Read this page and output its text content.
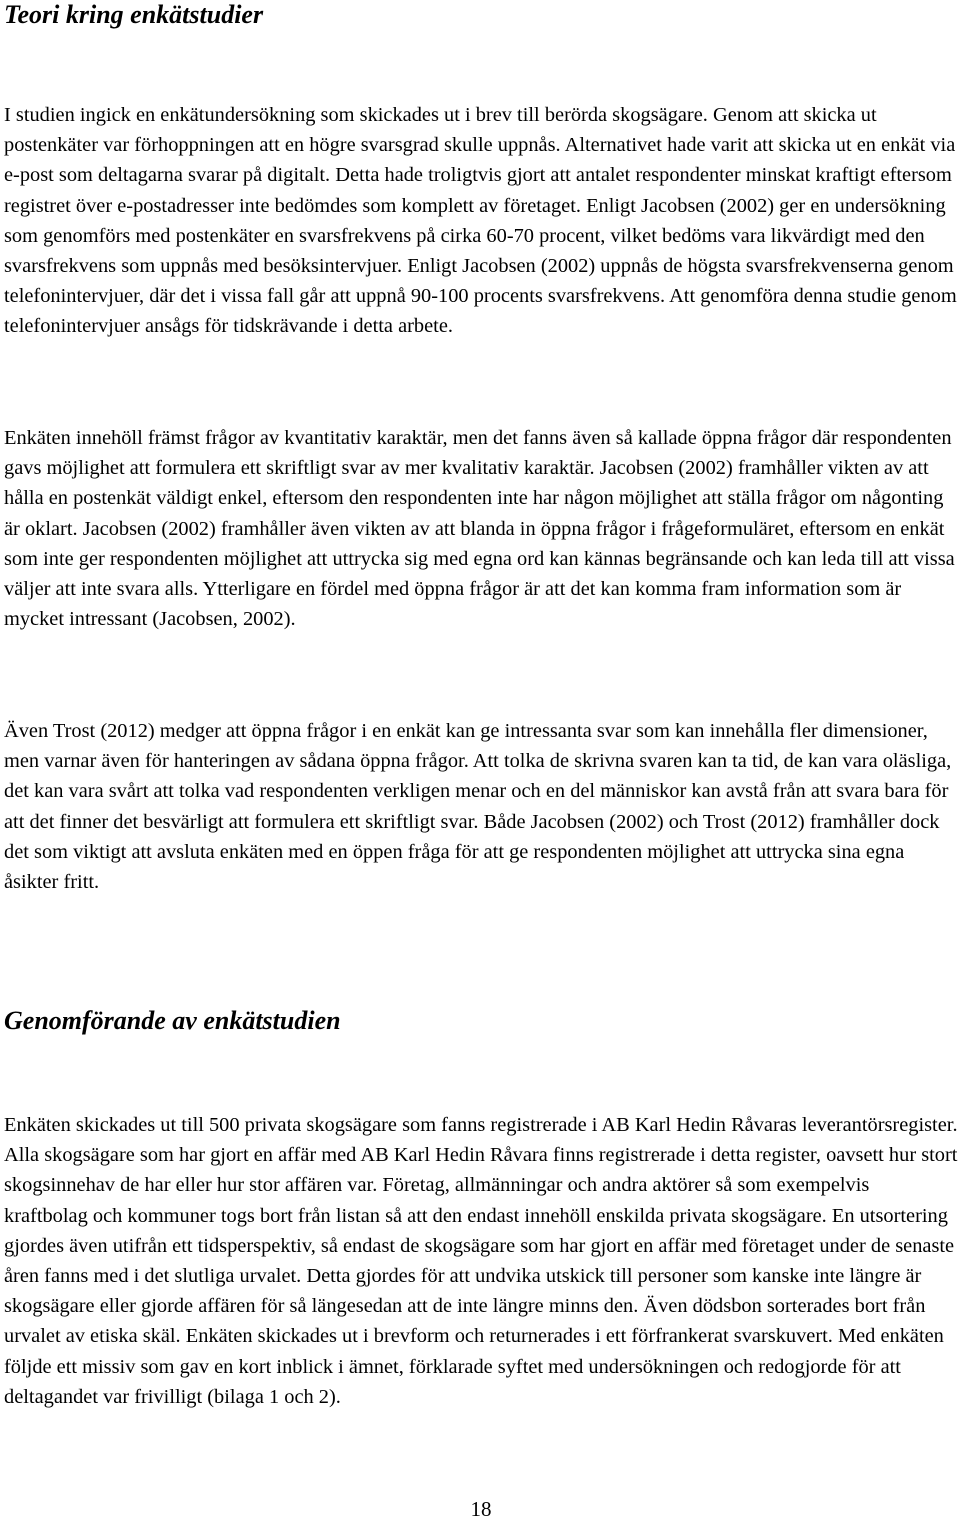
Teori kring enkätstudier

I studien ingick en enkätundersökning som skickades ut i brev till berörda skogsägare. Genom att skicka ut postenkäter var förhoppningen att en högre svarsgrad skulle uppnås. Alternativet hade varit att skicka ut en enkät via e-post som deltagarna svarar på digitalt. Detta hade troligtvis gjort att antalet respondenter minskat kraftigt eftersom registret över e-postadresser inte bedömdes som komplett av företaget. Enligt Jacobsen (2002) ger en undersökning som genomförs med postenkäter en svarsfrekvens på cirka 60-70 procent, vilket bedöms vara likvärdigt med den svarsfrekvens som uppnås med besöksintervjuer. Enligt Jacobsen (2002) uppnås de högsta svarsfrekvenserna genom telefonintervjuer, där det i vissa fall går att uppnå 90-100 procents svarsfrekvens. Att genomföra denna studie genom telefonintervjuer ansågs för tidskrävande i detta arbete.

Enkäten innehöll främst frågor av kvantitativ karaktär, men det fanns även så kallade öppna frågor där respondenten gavs möjlighet att formulera ett skriftligt svar av mer kvalitativ karaktär. Jacobsen (2002) framhåller vikten av att hålla en postenkät väldigt enkel, eftersom den respondenten inte har någon möjlighet att ställa frågor om någonting är oklart. Jacobsen (2002) framhåller även vikten av att blanda in öppna frågor i frågeformuläret, eftersom en enkät som inte ger respondenten möjlighet att uttrycka sig med egna ord kan kännas begränsande och kan leda till att vissa väljer att inte svara alls. Ytterligare en fördel med öppna frågor är att det kan komma fram information som är mycket intressant (Jacobsen, 2002).

Även Trost (2012) medger att öppna frågor i en enkät kan ge intressanta svar som kan innehålla fler dimensioner, men varnar även för hanteringen av sådana öppna frågor. Att tolka de skrivna svaren kan ta tid, de kan vara oläsliga, det kan vara svårt att tolka vad respondenten verkligen menar och en del människor kan avstå från att svara bara för att det finner det besvärligt att formulera ett skriftligt svar. Både Jacobsen (2002) och Trost (2012) framhåller dock det som viktigt att avsluta enkäten med en öppen fråga för att ge respondenten möjlighet att uttrycka sina egna åsikter fritt.

Genomförande av enkätstudien

Enkäten skickades ut till 500 privata skogsägare som fanns registrerade i AB Karl Hedin Råvaras leverantörsregister. Alla skogsägare som har gjort en affär med AB Karl Hedin Råvara finns registrerade i detta register, oavsett hur stort skogsinnehav de har eller hur stor affären var. Företag, allmänningar och andra aktörer så som exempelvis kraftbolag och kommuner togs bort från listan så att den endast innehöll enskilda privata skogsägare. En utsortering gjordes även utifrån ett tidsperspektiv, så endast de skogsägare som har gjort en affär med företaget under de senaste åren fanns med i det slutliga urvalet. Detta gjordes för att undvika utskick till personer som kanske inte längre är skogsägare eller gjorde affären för så längesedan att de inte längre minns den. Även dödsbon sorterades bort från urvalet av etiska skäl. Enkäten skickades ut i brevform och returnerades i ett förfrankerat svarskuvert. Med enkäten följde ett missiv som gav en kort inblick i ämnet, förklarade syftet med undersökningen och redogjorde för att deltagandet var frivilligt (bilaga 1 och 2).

18
